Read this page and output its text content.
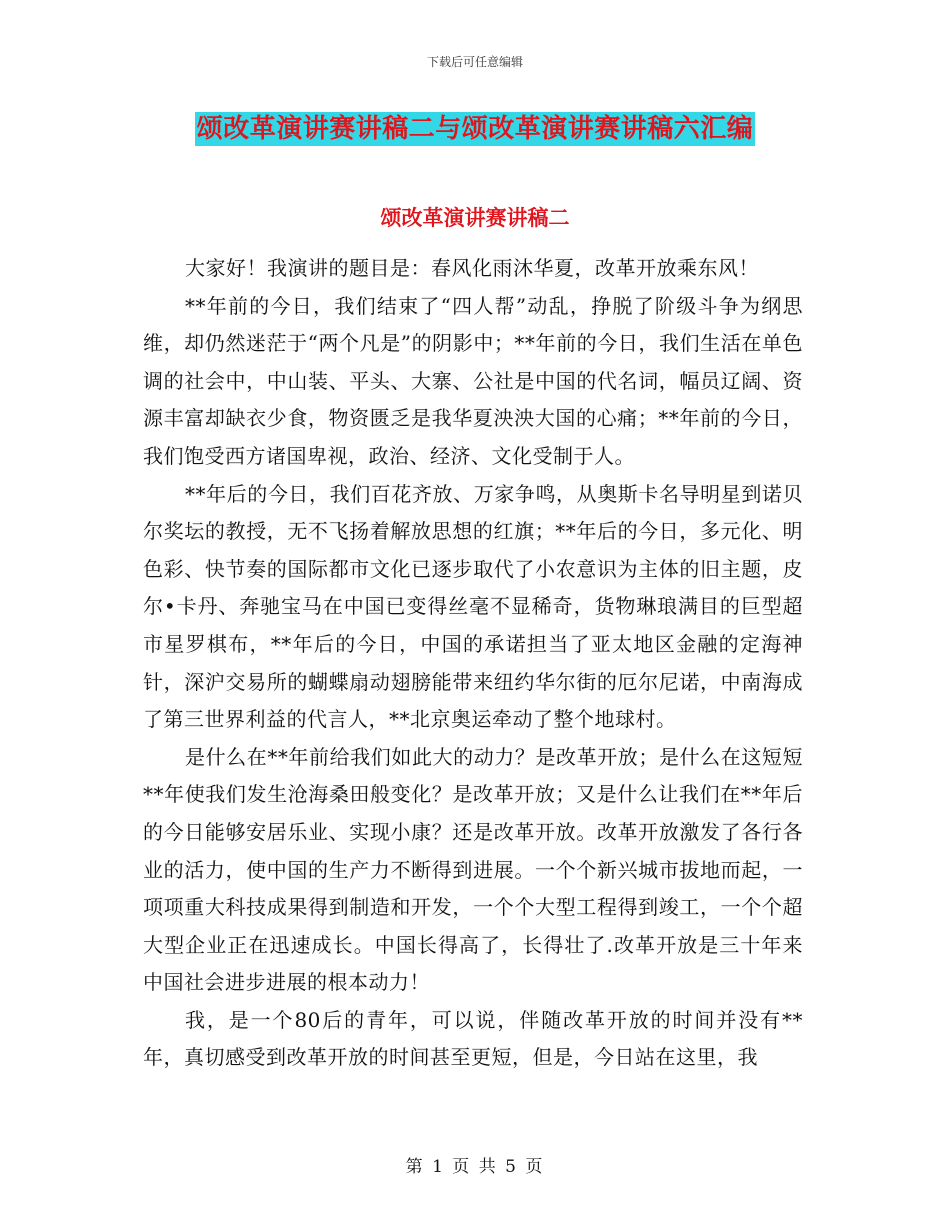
下载后可任意编辑
颂改革演讲赛讲稿二与颂改革演讲赛讲稿六汇编
颂改革演讲赛讲稿二

大家好！我演讲的题目是：春风化雨沐华夏，改革开放乘东风！

**年前的今日，我们结束了“四人帮”动乱，挣脱了阶级斗争为纲思维，却仍然迷茫于“两个凡是”的阴影中；**年前的今日，我们生活在单色调的社会中，中山装、平头、大寨、公社是中国的代名词，幅员辽阔、资源丰富却缺衣少食，物资匮乏是我华夏泱泱大国的心痛；**年前的今日，我们饱受西方诸国卑视，政治、经济、文化受制于人。

**年后的今日，我们百花齐放、万家争鸣，从奥斯卡名导明星到诺贝尔奖坛的教授，无不飞扬着解放思想的红旗；**年后的今日，多元化、明色彩、快节奏的国际都市文化已逐步取代了小农意识为主体的旧主题，皮尔•卡丹、奔驰宝马在中国已变得丝毫不显稀奇，货物琳琅满目的巨型超市星罗棋布，**年后的今日，中国的承诺担当了亚太地区金融的定海神针，深沪交易所的蝴蝶扇动翅膀能带来纽约华尔街的厄尔尼诺，中南海成了第三世界利益的代言人，**北京奥运牵动了整个地球村。

是什么在**年前给我们如此大的动力？是改革开放；是什么在这短短**年使我们发生沧海桑田般变化？是改革开放；又是什么让我们在**年后的今日能够安居乐业、实现小康？还是改革开放。改革开放激发了各行各业的活力，使中国的生产力不断得到进展。一个个新兴城市拔地而起，一项项重大科技成果得到制造和开发，一个个大型工程得到竣工，一个个超大型企业正在迅速成长。中国长得高了，长得壮了.改革开放是三十年来中国社会进步进展的根本动力！

我，是一个80后的青年，可以说，伴随改革开放的时间并没有**年，真切感受到改革开放的时间甚至更短，但是，今日站在这里，我

第 1 页 共 5 页
